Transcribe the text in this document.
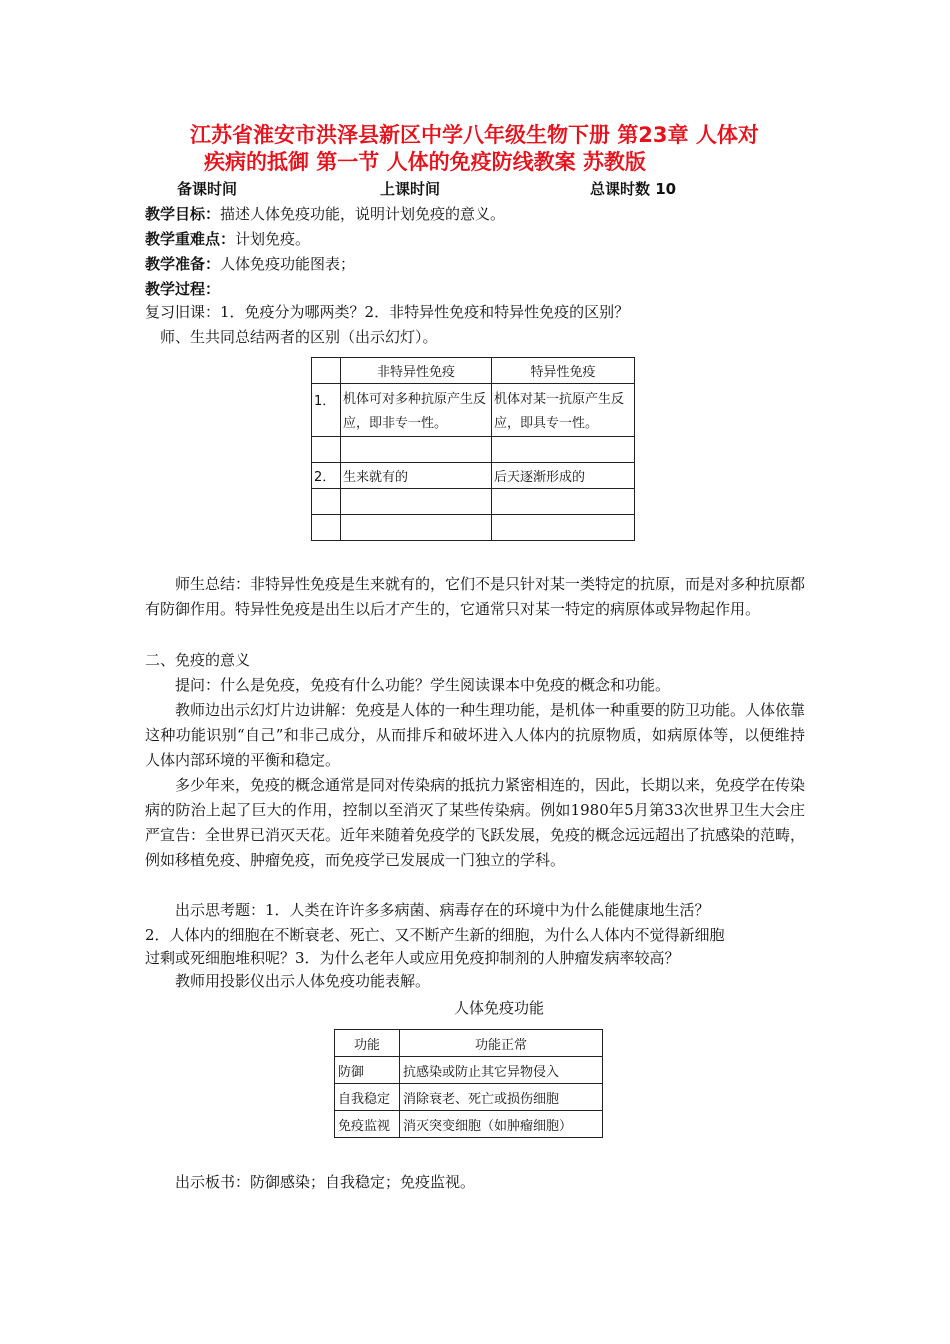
江苏省淮安市洪泽县新区中学八年级生物下册 第23章 人体对
疾病的抵御 第一节 人体的免疫防线教案 苏教版
备课时间	上课时间	总课时数 10
教学目标：描述人体免疫功能，说明计划免疫的意义。
教学重难点：计划免疫。
教学准备：人体免疫功能图表；
教学过程：
复习旧课：1．免疫分为哪两类？2．非特异性免疫和特异性免疫的区别？
师、生共同总结两者的区别（出示幻灯）。
	非特异性免疫	特异性免疫
1．	机体可对多种抗原产生反应，即非专一性。	机体对某一抗原产生反应，即具专一性。

2．	生来就有的	后天逐渐形成的

师生总结：非特异性免疫是生来就有的，它们不是只针对某一类特定的抗原，而是对多种抗原都有防御作用。特异性免疫是出生以后才产生的，它通常只对某一特定的病原体或异物起作用。
二、免疫的意义
提问：什么是免疫，免疫有什么功能？学生阅读课本中免疫的概念和功能。
教师边出示幻灯片边讲解：免疫是人体的一种生理功能，是机体一种重要的防卫功能。人体依靠这种功能识别“自己”和非己成分，从而排斥和破坏进入人体内的抗原物质，如病原体等，以便维持人体内部环境的平衡和稳定。
多少年来，免疫的概念通常是同对传染病的抵抗力紧密相连的，因此，长期以来，免疫学在传染病的防治上起了巨大的作用，控制以至消灭了某些传染病。例如1980年5月第33次世界卫生大会庄严宣告：全世界已消灭天花。近年来随着免疫学的飞跃发展，免疫的概念远远超出了抗感染的范畴，例如移植免疫、肿瘤免疫，而免疫学已发展成一门独立的学科。
出示思考题：1．人类在许许多多病菌、病毒存在的环境中为什么能健康地生活？
2．人体内的细胞在不断衰老、死亡、又不断产生新的细胞，为什么人体内不觉得新细胞
过剩或死细胞堆积呢？3．为什么老年人或应用免疫抑制剂的人肿瘤发病率较高？
教师用投影仪出示人体免疫功能表解。
人体免疫功能
功能	功能正常
防御	抗感染或防止其它异物侵入
自我稳定	消除衰老、死亡或损伤细胞
免疫监视	消灭突变细胞（如肿瘤细胞）
出示板书：防御感染；自我稳定；免疫监视。
